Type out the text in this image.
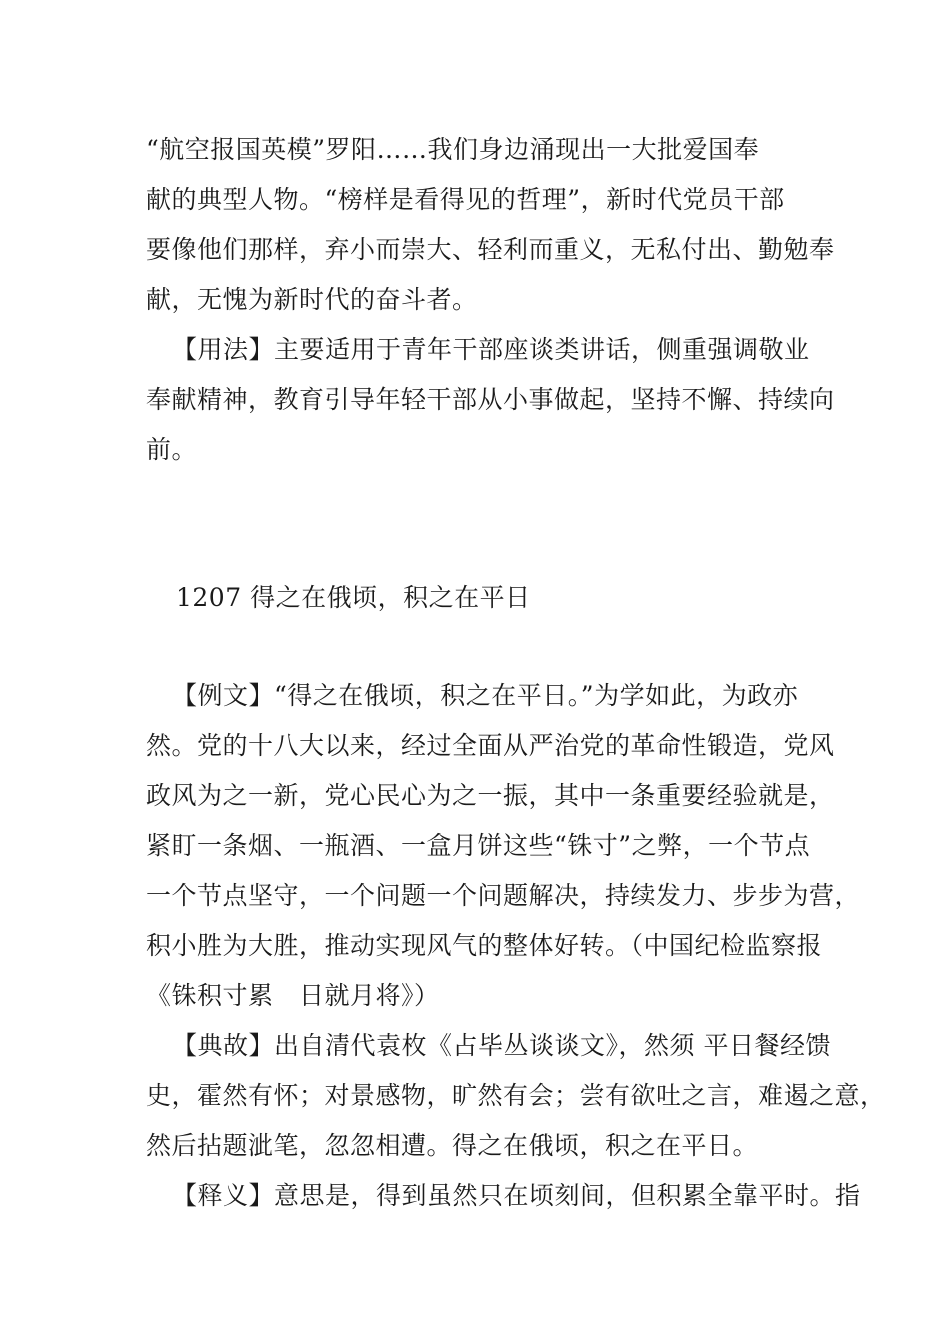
“航空报国英模”罗阳……我们身边涌现出一大批爱国奉
献的典型人物。“榜样是看得见的哲理”，新时代党员干部
要像他们那样，弃小而崇大、轻利而重义，无私付出、勤勉奉
献，无愧为新时代的奋斗者。
【用法】主要适用于青年干部座谈类讲话，侧重强调敬业
奉献精神，教育引导年轻干部从小事做起，坚持不懈、持续向
前。
1207 得之在俄顷，积之在平日
【例文】“得之在俄顷，积之在平日。”为学如此，为政亦
然。党的十八大以来，经过全面从严治党的革命性锻造，党风
政风为之一新，党心民心为之一振，其中一条重要经验就是，
紧盯一条烟、一瓶酒、一盒月饼这些“铢寸”之弊，一个节点
一个节点坚守，一个问题一个问题解决，持续发力、步步为营，
积小胜为大胜，推动实现风气的整体好转。（中国纪检监察报
《铢积寸累　日就月将》）
【典故】出自清代袁枚《占毕丛谈谈文》，然须 平日餐经馈
史，霍然有怀；对景感物，旷然有会；尝有欲吐之言，难遏之意，
然后拈题泚笔，忽忽相遭。得之在俄顷，积之在平日。
【释义】意思是，得到虽然只在顷刻间，但积累全靠平时。指
